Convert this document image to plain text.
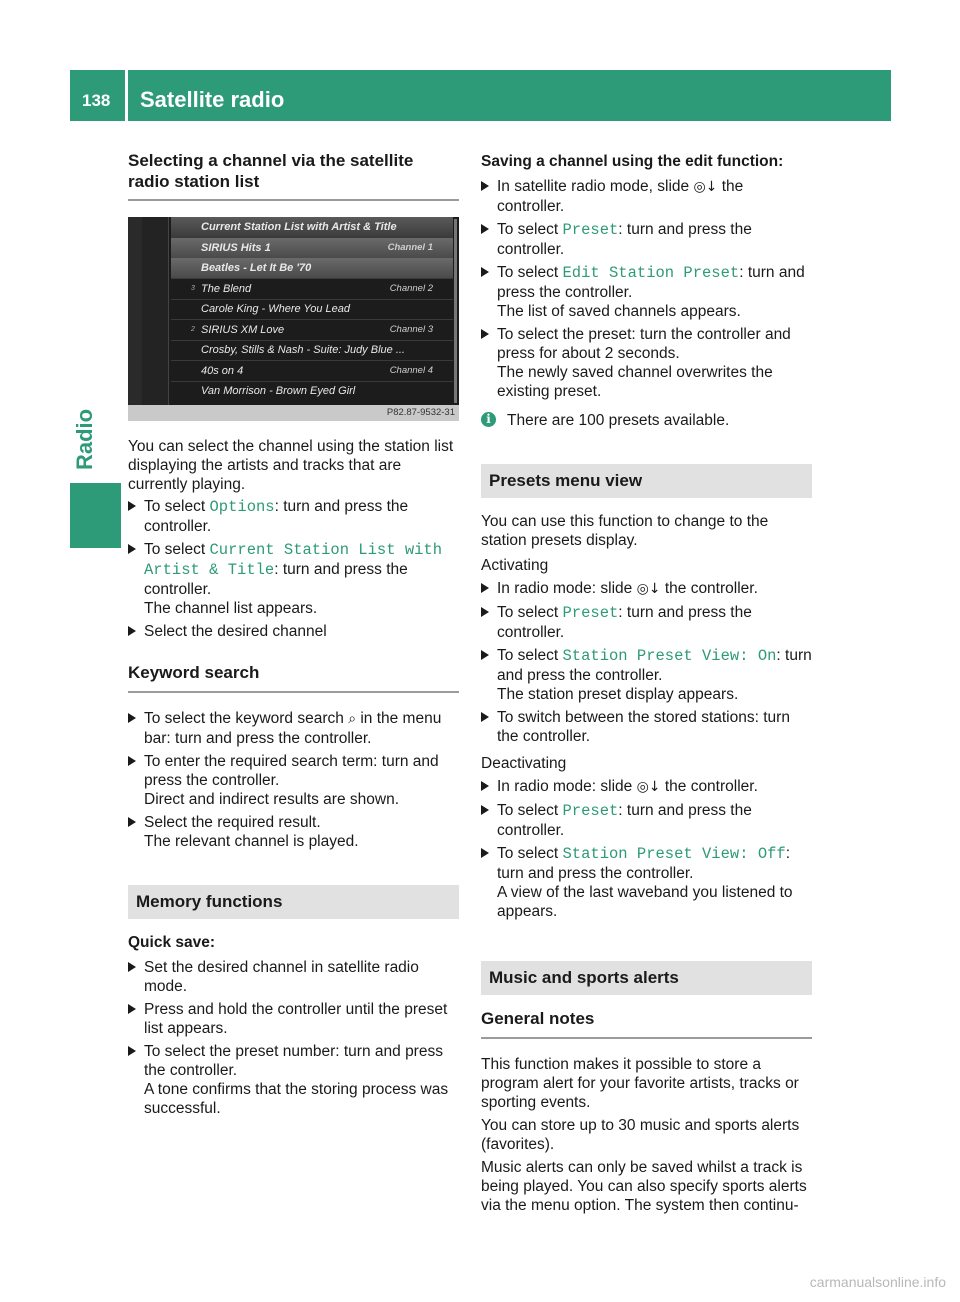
138 Satellite radio
Radio
Selecting a channel via the satellite radio station list
Current Station List with Artist & Title
SIRIUS Hits 1	Channel 1
Beatles - Let It Be '70
3 The Blend	Channel 2
Carole King - Where You Lead
2 SIRIUS XM Love	Channel 3
Crosby, Stills & Nash - Suite: Judy Blue ...
40s on 4	Channel 4
Van Morrison - Brown Eyed Girl
P82.87-9532-31

You can select the channel using the station list displaying the artists and tracks that are currently playing.

To select Options: turn and press the controller.
To select Current Station List with Artist & Title: turn and press the controller.
The channel list appears.
Select the desired channel
Keyword search
To select the keyword search ⌕ in the menu bar: turn and press the controller.
To enter the required search term: turn and press the controller.
Direct and indirect results are shown.
Select the required result.
The relevant channel is played.
Memory functions
Quick save:
Set the desired channel in satellite radio mode.
Press and hold the controller until the preset list appears.
To select the preset number: turn and press the controller.
A tone confirms that the storing process was successful.
Saving a channel using the edit function:
In satellite radio mode, slide ◎↓ the controller.
To select Preset: turn and press the controller.
To select Edit Station Preset: turn and press the controller.
The list of saved channels appears.
To select the preset: turn the controller and press for about 2 seconds.
The newly saved channel overwrites the existing preset.
i	There are 100 presets available.
Presets menu view

You can use this function to change to the station presets display.

Activating

In radio mode: slide ◎↓ the controller.
To select Preset: turn and press the controller.
To select Station Preset View: On: turn and press the controller.
The station preset display appears.
To switch between the stored stations: turn the controller.

Deactivating

In radio mode: slide ◎↓ the controller.
To select Preset: turn and press the controller.
To select Station Preset View: Off: turn and press the controller.
A view of the last waveband you listened to appears.
Music and sports alerts
General notes

This function makes it possible to store a program alert for your favorite artists, tracks or sporting events.

You can store up to 30 music and sports alerts (favorites).

Music alerts can only be saved whilst a track is being played. You can also specify sports alerts via the menu option. The system then continu-

carmanualsonline.info
